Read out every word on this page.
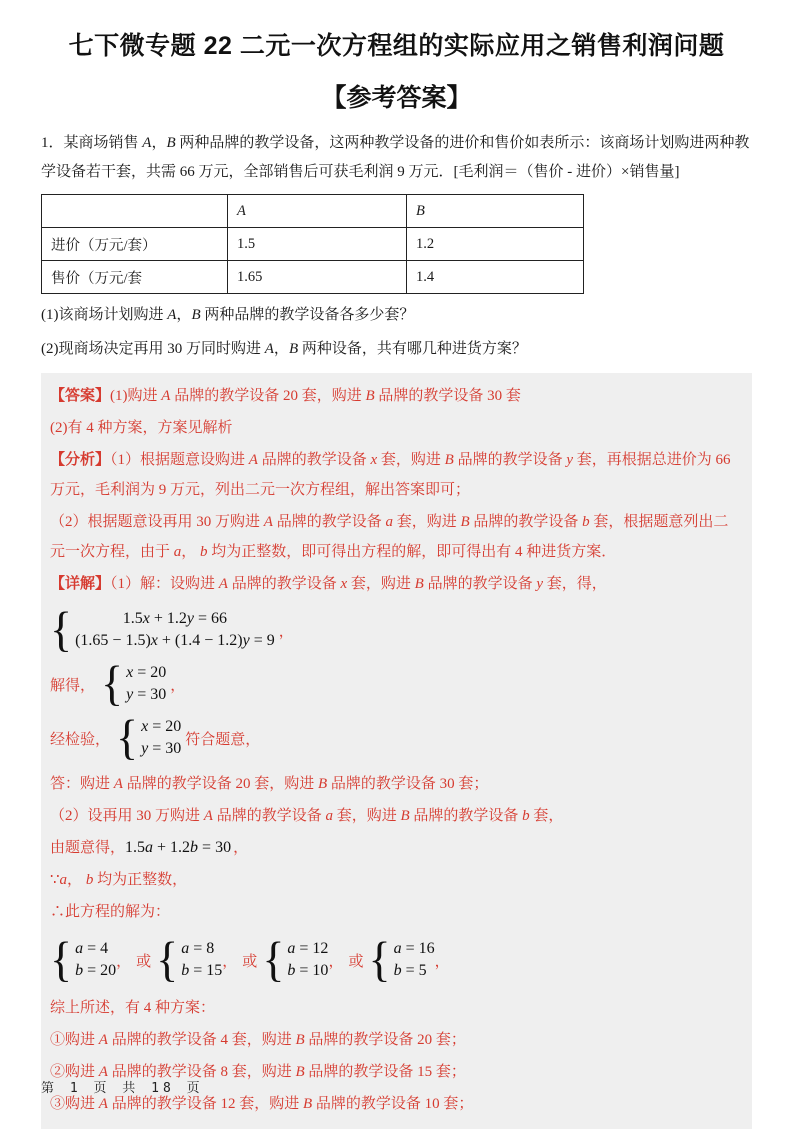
七下微专题 22 二元一次方程组的实际应用之销售利润问题
【参考答案】

1．某商场销售 A，B 两种品牌的教学设备，这两种教学设备的进价和售价如表所示：该商场计划购进两种教学设备若干套，共需 66 万元，全部销售后可获毛利润 9 万元．[毛利润＝（售价 - 进价）×销售量]

	A	B
进价（万元/套）	1.5	1.2
售价（万元/套	1.65	1.4

(1)该商场计划购进 A，B 两种品牌的教学设备各多少套？

(2)现商场决定再用 30 万同时购进 A，B 两种设备，共有哪几种进货方案？

【答案】(1)购进 A 品牌的教学设备 20 套，购进 B 品牌的教学设备 30 套

(2)有 4 种方案，方案见解析

【分析】（1）根据题意设购进 A 品牌的教学设备 x 套，购进 B 品牌的教学设备 y 套，再根据总进价为 66 万元，毛利润为 9 万元，列出二元一次方程组，解出答案即可；

（2）根据题意设再用 30 万购进 A 品牌的教学设备 a 套，购进 B 品牌的教学设备 b 套，根据题意列出二元一次方程，由于 a， b 均为正整数，即可得出方程的解，即可得出有 4 种进货方案．

【详解】（1）解：设购进 A 品牌的教学设备 x 套，购进 B 品牌的教学设备 y 套，得，

{	1.5x + 1.2y = 66
(1.65 − 1.5)x + (1.4 − 1.2)y = 9
，
解得， { x = 20
y = 30
，
经检验， { x = 20
y = 30
符合题意，

答：购进 A 品牌的教学设备 20 套，购进 B 品牌的教学设备 30 套；

（2）设再用 30 万购进 A 品牌的教学设备 a 套，购进 B 品牌的教学设备 b 套，

由题意得，1.5a + 1.2b = 30 ，

∵a， b 均为正整数，

∴此方程的解为：

{ a = 4
b = 20
， 或 { a = 8
b = 15
， 或 { a = 12
b = 10
， 或 { a = 16
b = 5
，

综上所述，有 4 种方案：

①购进 A 品牌的教学设备 4 套，购进 B 品牌的教学设备 20 套；

②购进 A 品牌的教学设备 8 套，购进 B 品牌的教学设备 15 套；

③购进 A 品牌的教学设备 12 套，购进 B 品牌的教学设备 10 套；

第 1 页 共 18 页
